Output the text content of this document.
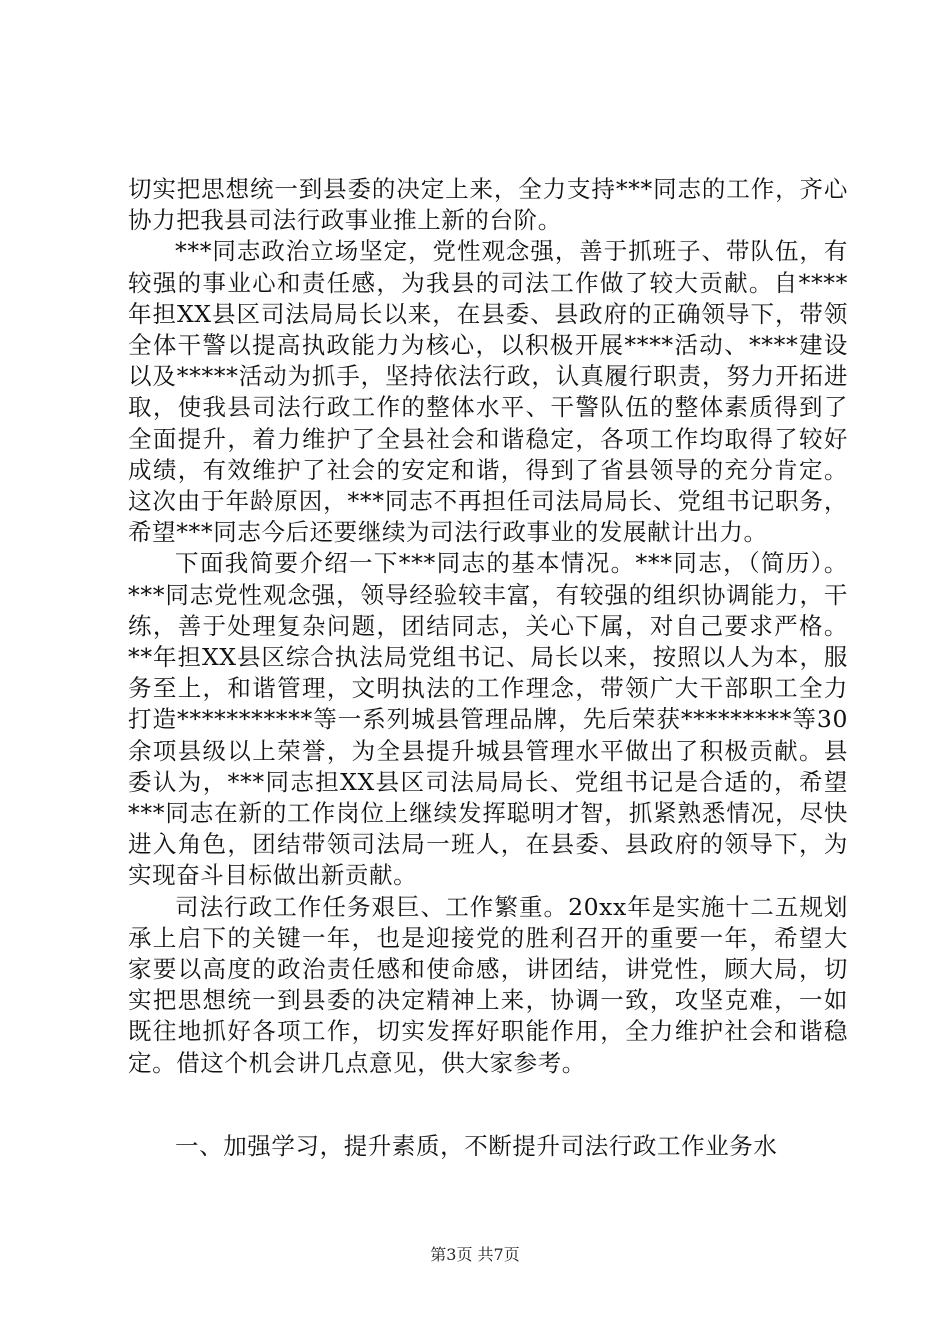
切实把思想统一到县委的决定上来，全力支持***同志的工作，齐心协力把我县司法行政事业推上新的台阶。

***同志政治立场坚定，党性观念强，善于抓班子、带队伍，有较强的事业心和责任感，为我县的司法工作做了较大贡献。自****年担XX县区司法局局长以来，在县委、县政府的正确领导下，带领全体干警以提高执政能力为核心，以积极开展****活动、****建设以及*****活动为抓手，坚持依法行政，认真履行职责，努力开拓进取，使我县司法行政工作的整体水平、干警队伍的整体素质得到了全面提升，着力维护了全县社会和谐稳定，各项工作均取得了较好成绩，有效维护了社会的安定和谐，得到了省县领导的充分肯定。这次由于年龄原因，***同志不再担任司法局局长、党组书记职务，希望***同志今后还要继续为司法行政事业的发展献计出力。

下面我简要介绍一下***同志的基本情况。***同志，（简历）。***同志党性观念强，领导经验较丰富，有较强的组织协调能力，干练，善于处理复杂问题，团结同志，关心下属，对自己要求严格。**年担XX县区综合执法局党组书记、局长以来，按照以人为本，服务至上，和谐管理，文明执法的工作理念，带领广大干部职工全力打造***********等一系列城县管理品牌，先后荣获*********等30余项县级以上荣誉，为全县提升城县管理水平做出了积极贡献。县委认为，***同志担XX县区司法局局长、党组书记是合适的，希望***同志在新的工作岗位上继续发挥聪明才智，抓紧熟悉情况，尽快进入角色，团结带领司法局一班人，在县委、县政府的领导下，为实现奋斗目标做出新贡献。

司法行政工作任务艰巨、工作繁重。20xx年是实施十二五规划承上启下的关键一年，也是迎接党的胜利召开的重要一年，希望大家要以高度的政治责任感和使命感，讲团结，讲党性，顾大局，切实把思想统一到县委的决定精神上来，协调一致，攻坚克难，一如既往地抓好各项工作，切实发挥好职能作用，全力维护社会和谐稳定。借这个机会讲几点意见，供大家参考。

一、加强学习，提升素质，不断提升司法行政工作业务水
第3页 共7页
